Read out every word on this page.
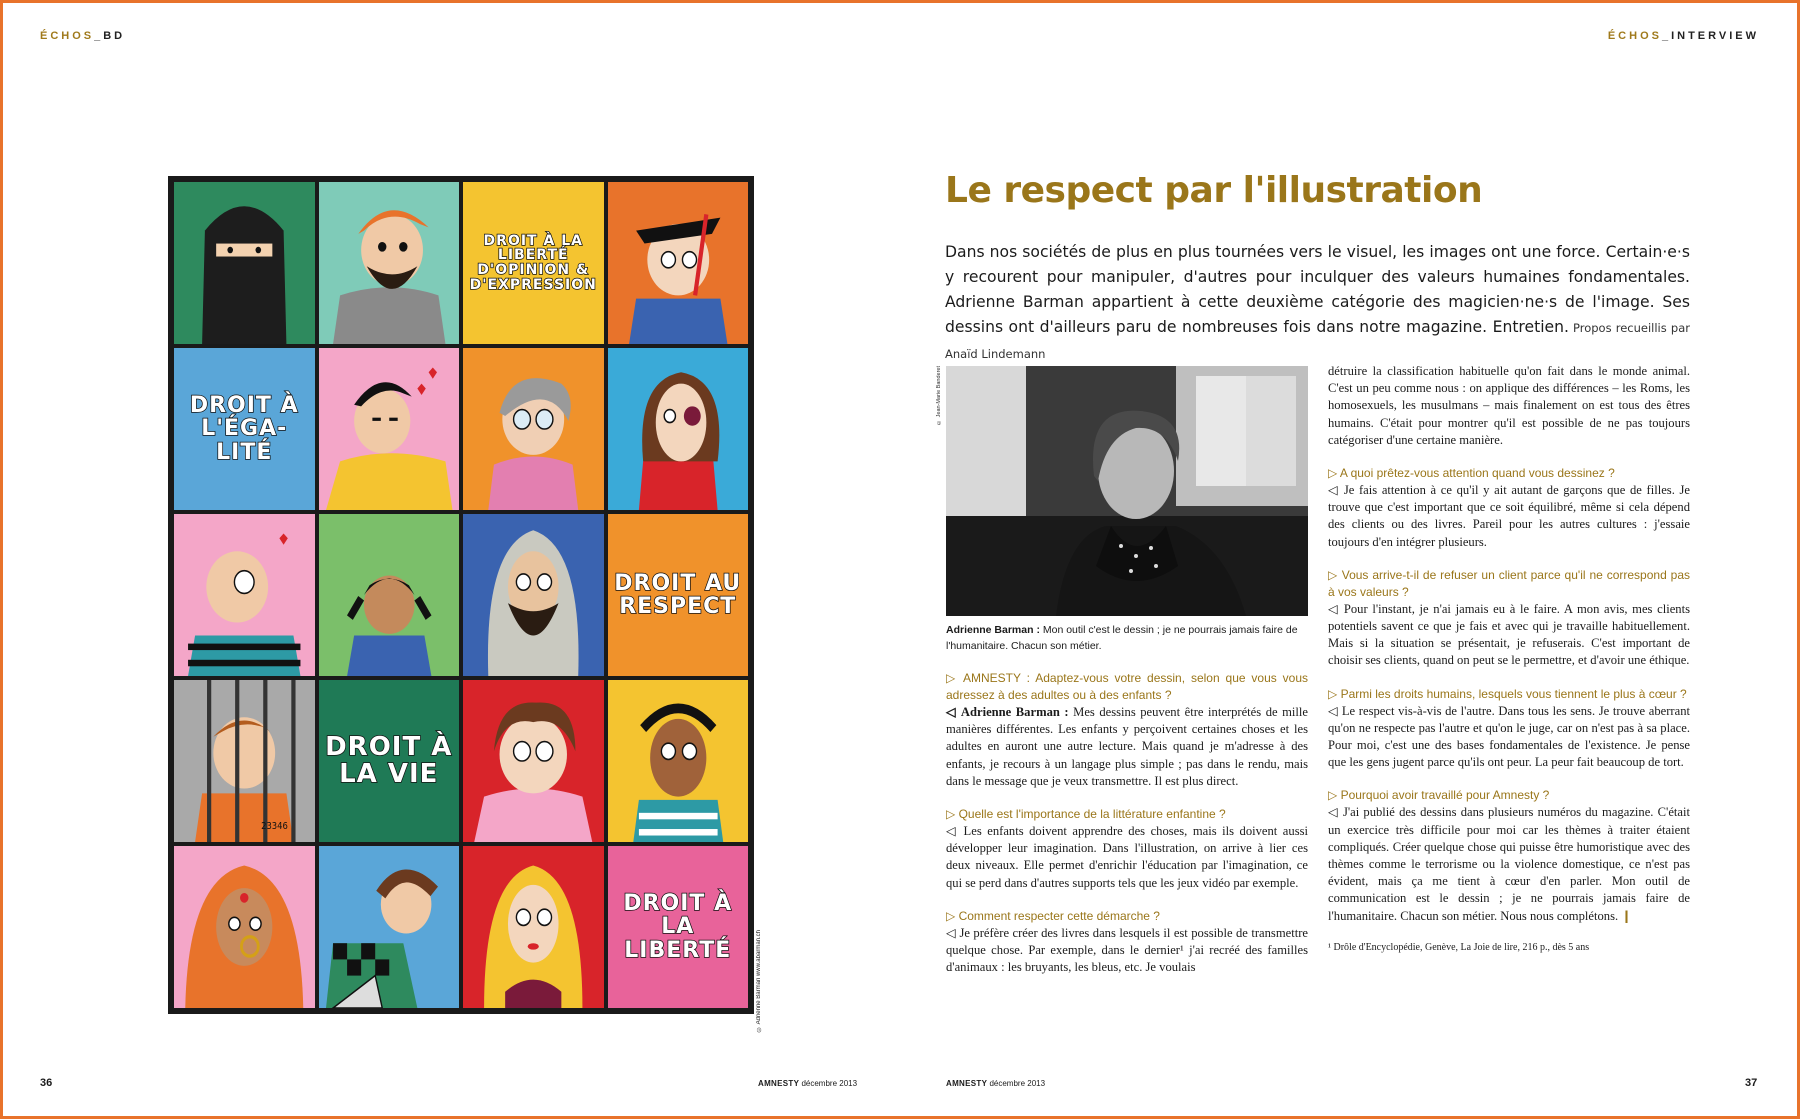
ÉCHOS_BD	ÉCHOS_INTERVIEW
DROIT À LA LIBERTÉ D'OPINION & D'EXPRESSION
DROIT À L'ÉGA- LITÉ
DROIT AU RESPECT
23346
DROIT À LA VIE
DROIT À LA LIBERTÉ	© Adrienne Barman www.abarman.ch
Le respect par l'illustration
Dans nos sociétés de plus en plus tournées vers le visuel, les images ont une force. Certain·e·s y recourent pour manipuler, d'autres pour inculquer des valeurs humaines fondamentales. Adrienne Barman appartient à cette deuxième catégorie des magicien·ne·s de l'image. Ses dessins ont d'ailleurs paru de nombreuses fois dans notre magazine. Entretien. Propos recueillis par Anaïd Lindemann
© Jean-Marie Banderet
Adrienne Barman : Mon outil c'est le dessin ; je ne pourrais jamais faire de l'humanitaire. Chacun son métier.

▷ AMNESTY : Adaptez-vous votre dessin, selon que vous vous adressez à des adultes ou à des enfants ?

◁ Adrienne Barman : Mes dessins peuvent être interprétés de mille manières différentes. Les enfants y perçoivent certaines choses et les adultes en auront une autre lecture. Mais quand je m'adresse à des enfants, je recours à un langage plus simple ; pas dans le rendu, mais dans le message que je veux transmettre. Il est plus direct.

▷ Quelle est l'importance de la littérature enfantine ?

◁ Les enfants doivent apprendre des choses, mais ils doivent aussi développer leur imagination. Dans l'illustration, on arrive à lier ces deux niveaux. Elle permet d'enrichir l'éducation par l'imagination, ce qui se perd dans d'autres supports tels que les jeux vidéo par exemple.

▷ Comment respecter cette démarche ?

◁ Je préfère créer des livres dans lesquels il est possible de transmettre quelque chose. Par exemple, dans le dernier¹ j'ai recréé des familles d'animaux : les bruyants, les bleus, etc. Je voulais

détruire la classification habituelle qu'on fait dans le monde animal. C'est un peu comme nous : on applique des différences – les Roms, les homosexuels, les musulmans – mais finalement on est tous des êtres humains. C'était pour montrer qu'il est possible de ne pas toujours catégoriser d'une certaine manière.

▷ A quoi prêtez-vous attention quand vous dessinez ?

◁ Je fais attention à ce qu'il y ait autant de garçons que de filles. Je trouve que c'est important que ce soit équilibré, même si cela dépend des clients ou des livres. Pareil pour les autres cultures : j'essaie toujours d'en intégrer plusieurs.

▷ Vous arrive-t-il de refuser un client parce qu'il ne correspond pas à vos valeurs ?

◁ Pour l'instant, je n'ai jamais eu à le faire. A mon avis, mes clients potentiels savent ce que je fais et avec qui je travaille habituellement. Mais si la situation se présentait, je refuserais. C'est important de choisir ses clients, quand on peut se le permettre, et d'avoir une éthique.

▷ Parmi les droits humains, lesquels vous tiennent le plus à cœur ?

◁ Le respect vis-à-vis de l'autre. Dans tous les sens. Je trouve aberrant qu'on ne respecte pas l'autre et qu'on le juge, car on n'est pas à sa place. Pour moi, c'est une des bases fondamentales de l'existence. Je pense que les gens jugent parce qu'ils ont peur. La peur fait beaucoup de tort.

▷ Pourquoi avoir travaillé pour Amnesty ?

◁ J'ai publié des dessins dans plusieurs numéros du magazine. C'était un exercice très difficile pour moi car les thèmes à traiter étaient compliqués. Créer quelque chose qui puisse être humoristique avec des thèmes comme le terrorisme ou la violence domestique, ce n'est pas évident, mais ça me tient à cœur d'en parler. Mon outil de communication est le dessin ; je ne pourrais jamais faire de l'humanitaire. Chacun son métier. Nous nous complétons. ❙

¹ Drôle d'Encyclopédie, Genève, La Joie de lire, 216 p., dès 5 ans

36	AMNESTY décembre 2013	AMNESTY décembre 2013	37
